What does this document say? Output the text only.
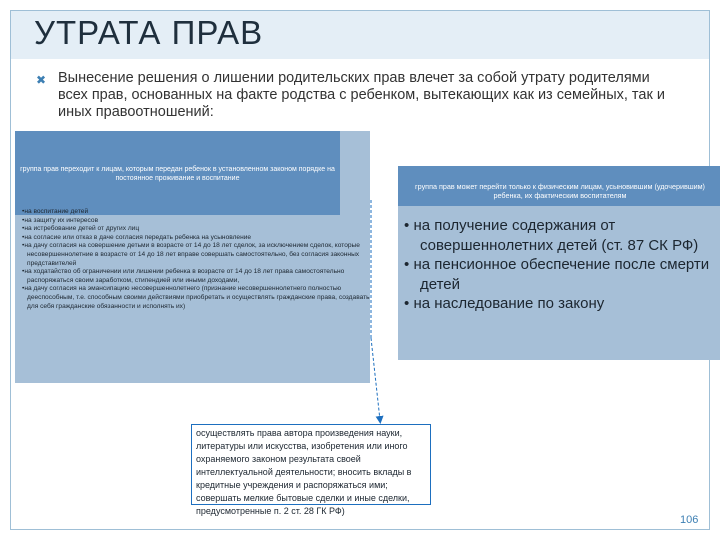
УТРАТА ПРАВ
✖ Вынесение решения о лишении родительских прав влечет за собой утрату родителями всех прав, основанных на факте родства с ребенком, вытекающих как из семейных, так и иных правоотношений:

группа прав переходит к лицам, которым передан ребенок в установленном законом порядке на постоянное проживание и воспитание

•на воспитание детей
•на защиту их интересов
•на истребование детей от других лиц
•на согласие или отказ в даче согласия передать ребенка на усыновление
•на дачу согласия на совершение детьми в возрасте от 14 до 18 лет сделок, за исключением сделок, которые несовершеннолетние в возрасте от 14 до 18 лет вправе совершать самостоятельно, без согласия законных представителей
•на ходатайство об ограничении или лишении ребенка в возрасте от 14 до 18 лет права самостоятельно распоряжаться своим заработком, стипендией или иными доходами,
•на дачу согласия на эмансипацию несовершеннолетнего (признание несовершеннолетнего полностью дееспособным, т.е. способным своими действиями приобретать и осуществлять гражданские права, создавать для себя гражданские обязанности и исполнять их)

группа прав может перейти только к физическим лицам, усыновившим (удочерившим) ребенка, их фактическим воспитателям

• на получение содержания от совершеннолетних детей (ст. 87 СК РФ)
• на пенсионное обеспечение после смерти детей
• на наследование по закону

осуществлять права автора произведения науки, литературы или искусства, изобретения или иного охраняемого законом результата своей интеллектуальной деятельности; вносить вклады в кредитные учреждения и распоряжаться ими; совершать мелкие бытовые сделки и иные сделки, предусмотренные п. 2 ст. 28 ГК РФ)

106
